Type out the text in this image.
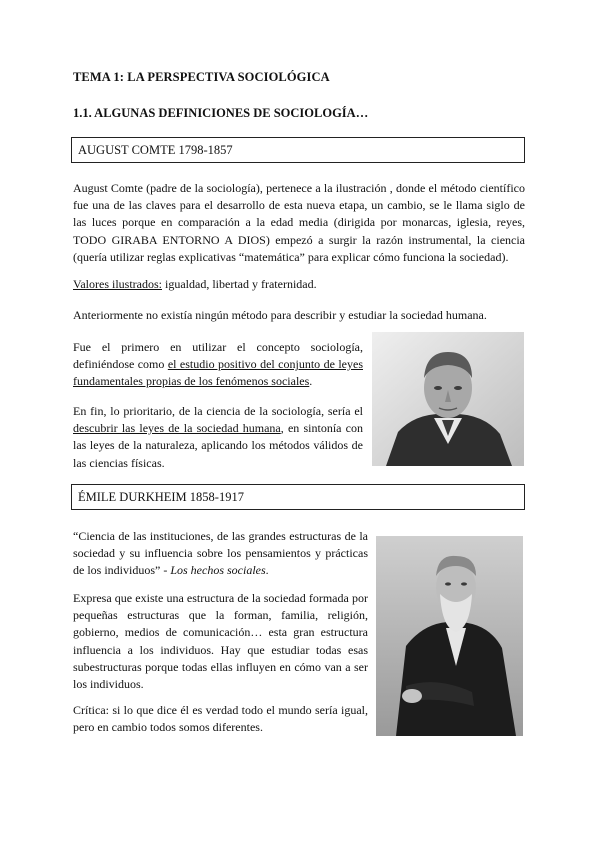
TEMA 1: LA PERSPECTIVA SOCIOLÓGICA
1.1. ALGUNAS DEFINICIONES DE SOCIOLOGÍA…
AUGUST COMTE 1798-1857
August Comte (padre de la sociología), pertenece a la ilustración , donde el método científico fue una de las claves para el desarrollo de esta nueva etapa, un cambio, se le llama siglo de las luces porque en comparación a la edad media (dirigida por monarcas, iglesia, reyes, TODO GIRABA ENTORNO A DIOS) empezó a surgir la razón instrumental, la ciencia (quería utilizar reglas explicativas “matemática” para explicar cómo funciona la sociedad).
Valores ilustrados: igualdad, libertad y fraternidad.
Anteriormente no existía ningún método para describir y estudiar la sociedad humana.
Fue el primero en utilizar el concepto sociología, definiéndose como el estudio positivo del conjunto de leyes fundamentales propias de los fenómenos sociales.
En fin, lo prioritario, de la ciencia de la sociología, sería el descubrir las leyes de la sociedad humana, en sintonía con las leyes de la naturaleza, aplicando los métodos válidos de las ciencias físicas.
ÉMILE DURKHEIM 1858-1917
“Ciencia de las instituciones, de las grandes estructuras de la sociedad y su influencia sobre los pensamientos y prácticas de los individuos” - Los hechos sociales.
Expresa que existe una estructura de la sociedad formada por pequeñas estructuras que la forman, familia, religión, gobierno, medios de comunicación… esta gran estructura influencia a los individuos. Hay que estudiar todas esas subestructuras porque todas ellas influyen en cómo van a ser los individuos.
Crítica: si lo que dice él es verdad todo el mundo sería igual, pero en cambio todos somos diferentes.
